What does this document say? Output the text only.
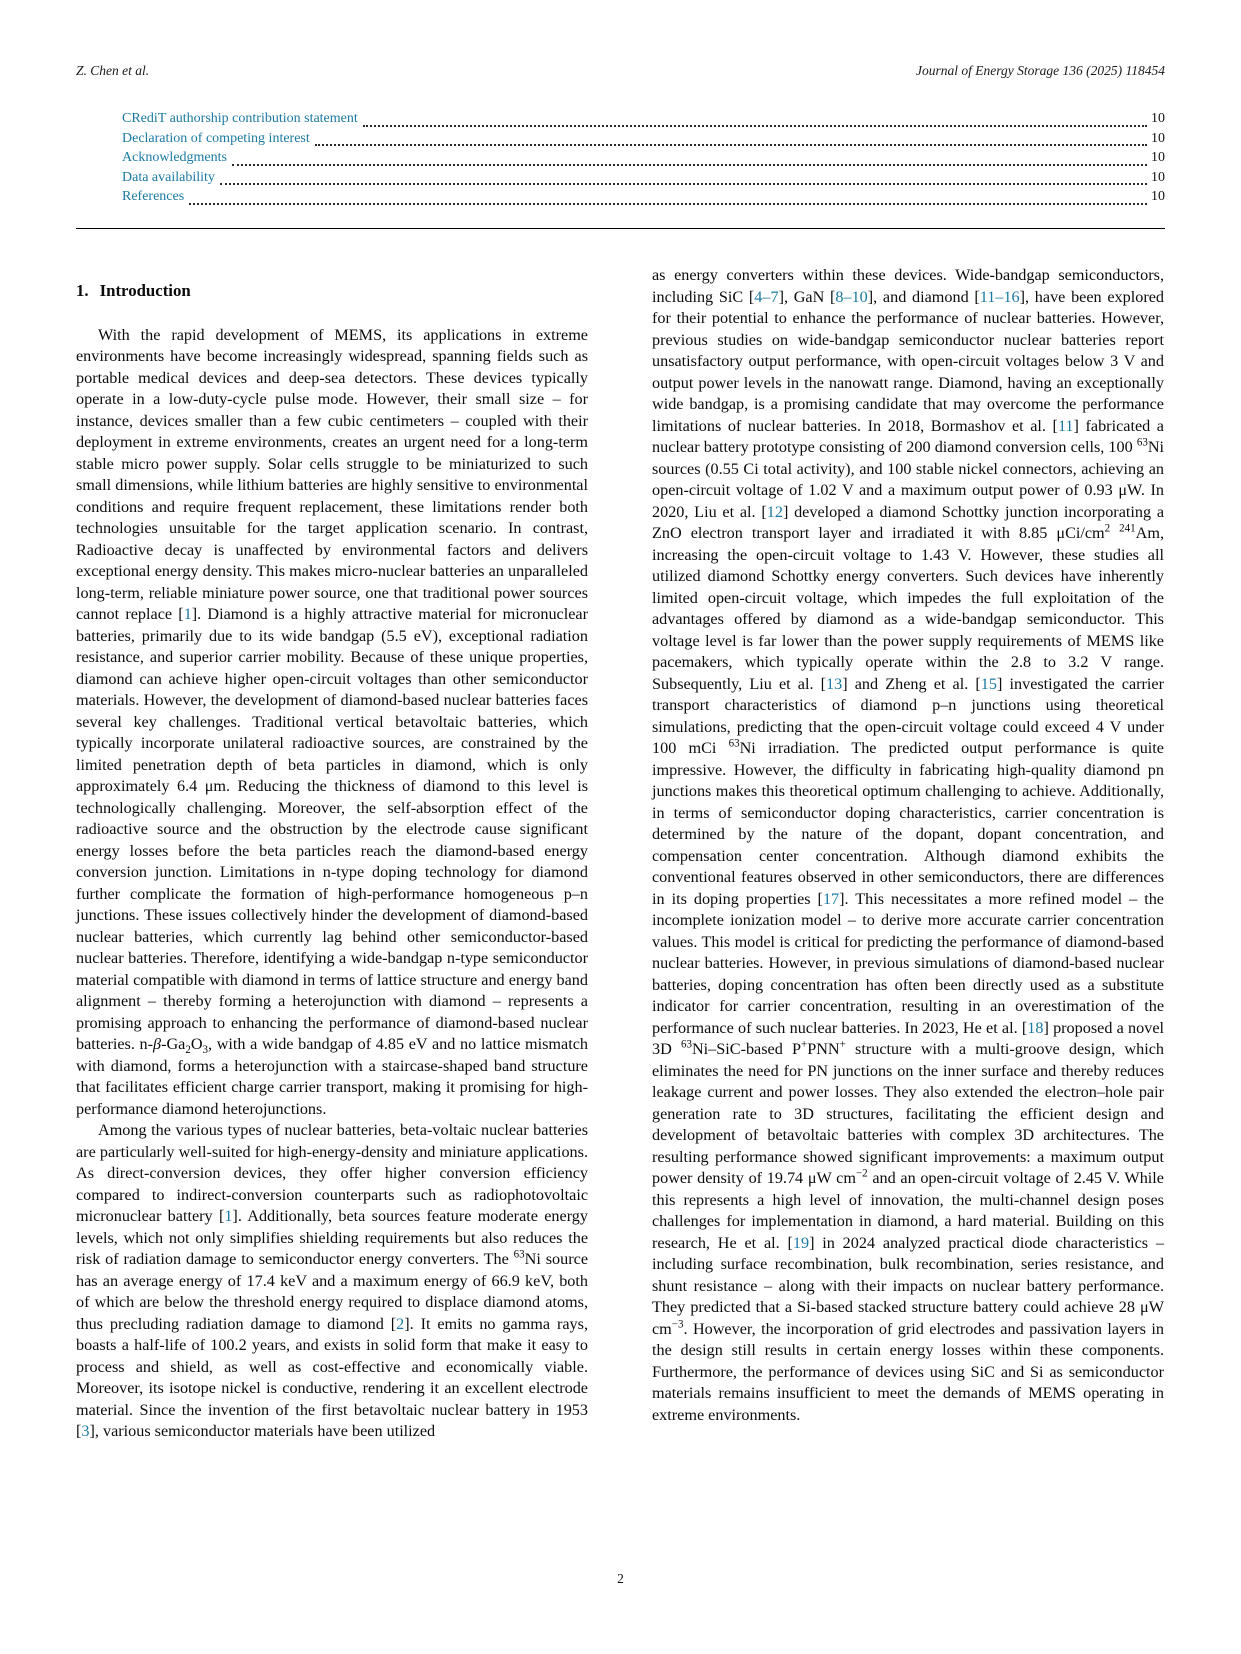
Z. Chen et al.	Journal of Energy Storage 136 (2025) 118454
CRediT authorship contribution statement	10
Declaration of competing interest	10
Acknowledgments	10
Data availability	10
References	10
1. Introduction

With the rapid development of MEMS, its applications in extreme environments have become increasingly widespread, spanning fields such as portable medical devices and deep-sea detectors. These devices typically operate in a low-duty-cycle pulse mode. However, their small size – for instance, devices smaller than a few cubic centimeters – coupled with their deployment in extreme environments, creates an urgent need for a long-term stable micro power supply. Solar cells struggle to be miniaturized to such small dimensions, while lithium batteries are highly sensitive to environmental conditions and require frequent replacement, these limitations render both technologies unsuitable for the target application scenario. In contrast, Radioactive decay is unaffected by environmental factors and delivers exceptional energy density. This makes micro-nuclear batteries an unparalleled long-term, reliable miniature power source, one that traditional power sources cannot replace [1]. Diamond is a highly attractive material for micronuclear batteries, primarily due to its wide bandgap (5.5 eV), exceptional radiation resistance, and superior carrier mobility. Because of these unique properties, diamond can achieve higher open-circuit voltages than other semiconductor materials. However, the development of diamond-based nuclear batteries faces several key challenges. Traditional vertical betavoltaic batteries, which typically incorporate unilateral radioactive sources, are constrained by the limited penetration depth of beta particles in diamond, which is only approximately 6.4 μm. Reducing the thickness of diamond to this level is technologically challenging. Moreover, the self-absorption effect of the radioactive source and the obstruction by the electrode cause significant energy losses before the beta particles reach the diamond-based energy conversion junction. Limitations in n-type doping technology for diamond further complicate the formation of high-performance homogeneous p–n junctions. These issues collectively hinder the development of diamond-based nuclear batteries, which currently lag behind other semiconductor-based nuclear batteries. Therefore, identifying a wide-bandgap n-type semiconductor material compatible with diamond in terms of lattice structure and energy band alignment – thereby forming a heterojunction with diamond – represents a promising approach to enhancing the performance of diamond-based nuclear batteries. $n-\beta-Ga_2O_3$, with a wide bandgap of 4.85 eV and no lattice mismatch with diamond, forms a heterojunction with a staircase-shaped band structure that facilitates efficient charge carrier transport, making it promising for high-performance diamond heterojunctions.

Among the various types of nuclear batteries, beta-voltaic nuclear batteries are particularly well-suited for high-energy-density and miniature applications. As direct-conversion devices, they offer higher conversion efficiency compared to indirect-conversion counterparts such as radiophotovoltaic micronuclear battery [1]. Additionally, beta sources feature moderate energy levels, which not only simplifies shielding requirements but also reduces the risk of radiation damage to semiconductor energy converters. The $^{63}$Ni source has an average energy of 17.4 keV and a maximum energy of 66.9 keV, both of which are below the threshold energy required to displace diamond atoms, thus precluding radiation damage to diamond [2]. It emits no gamma rays, boasts a half-life of 100.2 years, and exists in solid form that make it easy to process and shield, as well as cost-effective and economically viable. Moreover, its isotope nickel is conductive, rendering it an excellent electrode material. Since the invention of the first betavoltaic nuclear battery in 1953 [3], various semiconductor materials have been utilized

as energy converters within these devices. Wide-bandgap semiconductors, including SiC [4–7], GaN [8–10], and diamond [11–16], have been explored for their potential to enhance the performance of nuclear batteries. However, previous studies on wide-bandgap semiconductor nuclear batteries report unsatisfactory output performance, with open-circuit voltages below 3 V and output power levels in the nanowatt range. Diamond, having an exceptionally wide bandgap, is a promising candidate that may overcome the performance limitations of nuclear batteries. In 2018, Bormashov et al. [11] fabricated a nuclear battery prototype consisting of 200 diamond conversion cells, 100 $^{63}$Ni sources (0.55 Ci total activity), and 100 stable nickel connectors, achieving an open-circuit voltage of 1.02 V and a maximum output power of 0.93 μW. In 2020, Liu et al. [12] developed a diamond Schottky junction incorporating a ZnO electron transport layer and irradiated it with 8.85 μCi/$cm^2$ $^{241}$Am, increasing the open-circuit voltage to 1.43 V. However, these studies all utilized diamond Schottky energy converters. Such devices have inherently limited open-circuit voltage, which impedes the full exploitation of the advantages offered by diamond as a wide-bandgap semiconductor. This voltage level is far lower than the power supply requirements of MEMS like pacemakers, which typically operate within the 2.8 to 3.2 V range. Subsequently, Liu et al. [13] and Zheng et al. [15] investigated the carrier transport characteristics of diamond p–n junctions using theoretical simulations, predicting that the open-circuit voltage could exceed 4 V under 100 mCi $^{63}$Ni irradiation. The predicted output performance is quite impressive. However, the difficulty in fabricating high-quality diamond pn junctions makes this theoretical optimum challenging to achieve. Additionally, in terms of semiconductor doping characteristics, carrier concentration is determined by the nature of the dopant, dopant concentration, and compensation center concentration. Although diamond exhibits the conventional features observed in other semiconductors, there are differences in its doping properties [17]. This necessitates a more refined model – the incomplete ionization model – to derive more accurate carrier concentration values. This model is critical for predicting the performance of diamond-based nuclear batteries. However, in previous simulations of diamond-based nuclear batteries, doping concentration has often been directly used as a substitute indicator for carrier concentration, resulting in an overestimation of the performance of such nuclear batteries. In 2023, He et al. [18] proposed a novel 3D $^{63}$Ni–SiC-based P+PNN+ structure with a multi-groove design, which eliminates the need for PN junctions on the inner surface and thereby reduces leakage current and power losses. They also extended the electron–hole pair generation rate to 3D structures, facilitating the efficient design and development of betavoltaic batteries with complex 3D architectures. The resulting performance showed significant improvements: a maximum output power density of 19.74 μW $cm^{-2}$ and an open-circuit voltage of 2.45 V. While this represents a high level of innovation, the multi-channel design poses challenges for implementation in diamond, a hard material. Building on this research, He et al. [19] in 2024 analyzed practical diode characteristics – including surface recombination, bulk recombination, series resistance, and shunt resistance – along with their impacts on nuclear battery performance. They predicted that a Si-based stacked structure battery could achieve 28 μW $cm^{-3}$. However, the incorporation of grid electrodes and passivation layers in the design still results in certain energy losses within these components. Furthermore, the performance of devices using SiC and Si as semiconductor materials remains insufficient to meet the demands of MEMS operating in extreme environments.

2
